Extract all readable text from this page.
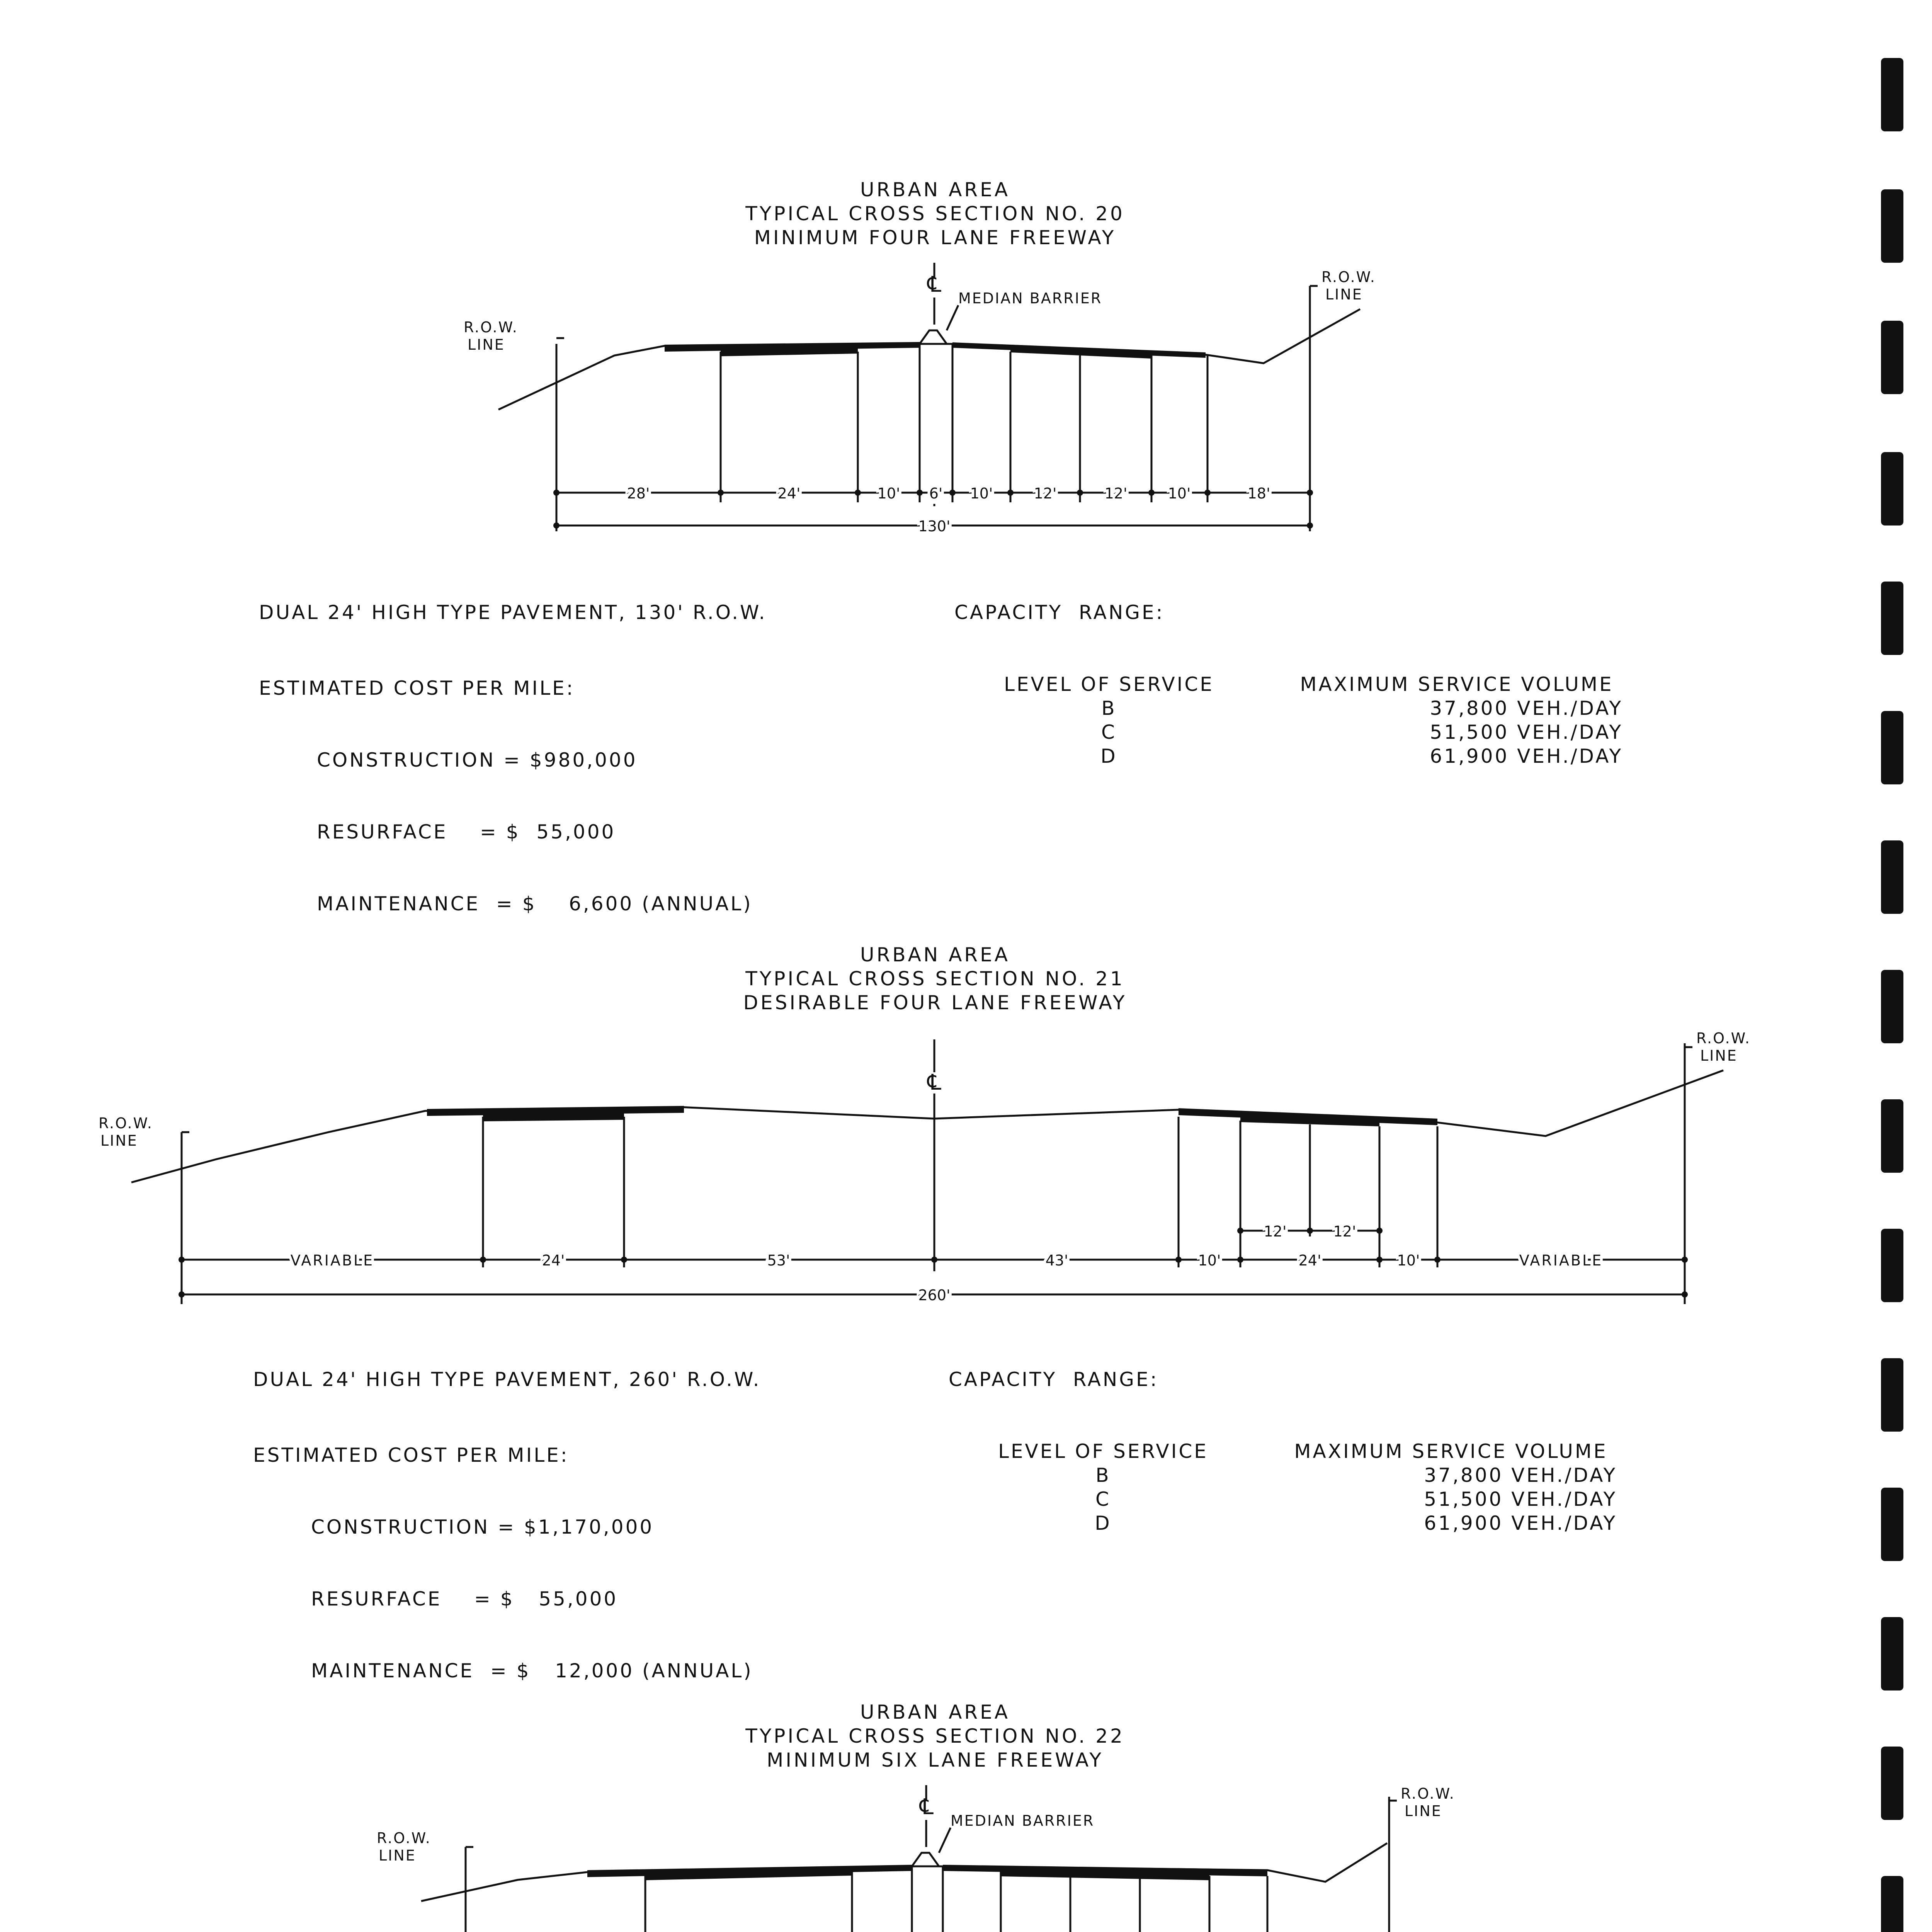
URBAN AREA
TYPICAL CROSS SECTION NO. 20
MINIMUM FOUR LANE FREEWAY
℄
MEDIAN BARRIER
R.O.W.
LINE
R.O.W.
LINE
28'	24'	10' 6' 10'	12'	12'	10'	18'
130'

DUAL 24' HIGH TYPE PAVEMENT, 130' R.O.W.

ESTIMATED COST PER MILE:

CONSTRUCTION = $980,000

RESURFACE    = $  55,000

MAINTENANCE  = $    6,600 (ANNUAL)

CAPACITY  RANGE:

LEVEL OF SERVICE	MAXIMUM SERVICE VOLUME
B	37,800 VEH./DAY
C	51,500 VEH./DAY
D	61,900 VEH./DAY

URBAN AREA
TYPICAL CROSS SECTION NO. 21
DESIRABLE FOUR LANE FREEWAY
℄
R.O.W.
LINE
R.O.W.
LINE
VARIABLE	24'	53'	43'	10'	24'	10'	VARIABLE
12'	12'
260'

DUAL 24' HIGH TYPE PAVEMENT, 260' R.O.W.

ESTIMATED COST PER MILE:

CONSTRUCTION = $1,170,000

RESURFACE    = $   55,000

MAINTENANCE  = $   12,000 (ANNUAL)

CAPACITY  RANGE:

LEVEL OF SERVICE	MAXIMUM SERVICE VOLUME
B	37,800 VEH./DAY
C	51,500 VEH./DAY
D	61,900 VEH./DAY

URBAN AREA
TYPICAL CROSS SECTION NO. 22
MINIMUM SIX LANE FREEWAY
℄
MEDIAN BARRIER
R.O.W.
LINE
R.O.W.
LINE
